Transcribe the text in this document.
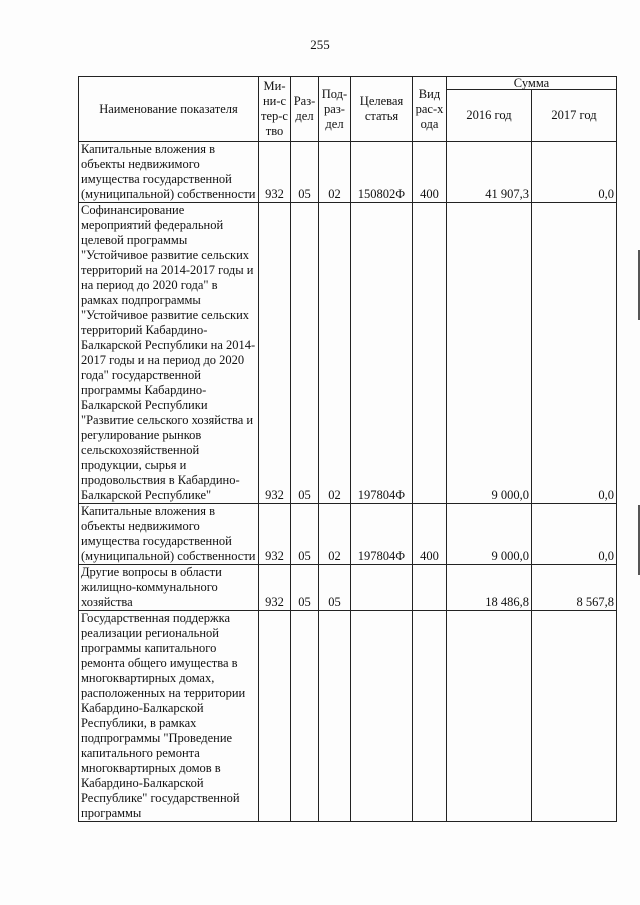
255
Наименование показателя	Ми-ни-стер-ство	Раз-дел	Под-раз-дел	Целевая статья	Вид рас-хода	Сумма	
						2016 год	2017 год
Капитальные вложения в объекты недвижимого имущества государственной (муниципальной) собственности	932	05	02	150802Ф	400	41 907,3	0,0
Софинансирование мероприятий федеральной целевой программы "Устойчивое развитие сельских территорий на 2014-2017 годы и на период до 2020 года" в рамках подпрограммы "Устойчивое развитие сельских территорий Кабардино-Балкарской Республики на 2014-2017 годы и на период до 2020 года" государственной программы Кабардино-Балкарской Республики "Развитие сельского хозяйства и регулирование рынков сельскохозяйственной продукции, сырья и продовольствия в Кабардино-Балкарской Республике"	932	05	02	197804Ф		9 000,0	0,0
Капитальные вложения в объекты недвижимого имущества государственной (муниципальной) собственности	932	05	02	197804Ф	400	9 000,0	0,0
Другие вопросы в области жилищно-коммунального хозяйства	932	05	05			18 486,8	8 567,8
Государственная поддержка реализации региональной программы капитального ремонта общего имущества в многоквартирных домах, расположенных на территории Кабардино-Балкарской Республики, в рамках подпрограммы "Проведение капитального ремонта многоквартирных домов в Кабардино-Балкарской Республике" государственной программы							
